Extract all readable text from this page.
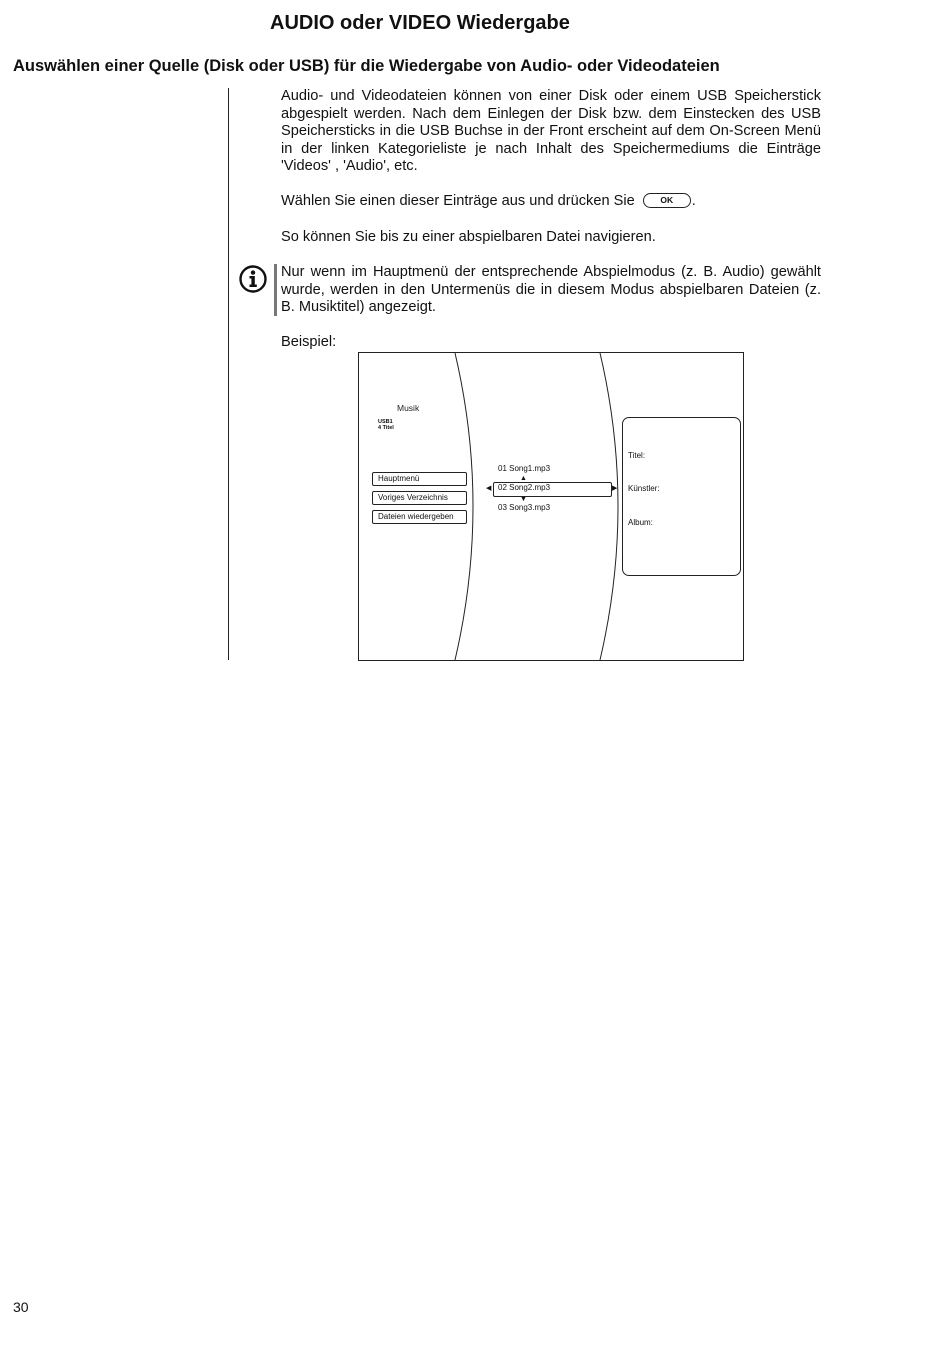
AUDIO oder VIDEO Wiedergabe
Auswählen einer Quelle (Disk oder USB) für die Wiedergabe von Audio- oder Videodateien

Audio- und Videodateien können von einer Disk oder einem USB Speicherstick abgespielt werden. Nach dem Einlegen der Disk bzw. dem Einstecken des USB Speichersticks in die USB Buchse in der Front erscheint auf dem On-Screen Menü in der linken Kategorieliste je nach Inhalt des Speichermediums die Einträge 'Videos' , 'Audio', etc.

Wählen Sie einen dieser Einträge aus und drücken Sie	OK .

So können Sie bis zu einer abspielbaren Datei navigieren.

Nur wenn im Hauptmenü der entsprechende Abspielmodus (z. B. Audio) gewählt wurde, werden in den Untermenüs die in diesem Modus abspielbaren Dateien (z. B. Musiktitel) angezeigt.

Beispiel:

Musik
USB1
4 Titel
Hauptmenü
Voriges Verzeichnis
Dateien wiedergeben
▲
◀	▶
▼
01 Song1.mp3
02 Song2.mp3
03 Song3.mp3
Titel:
Künstler:
Album:
30
